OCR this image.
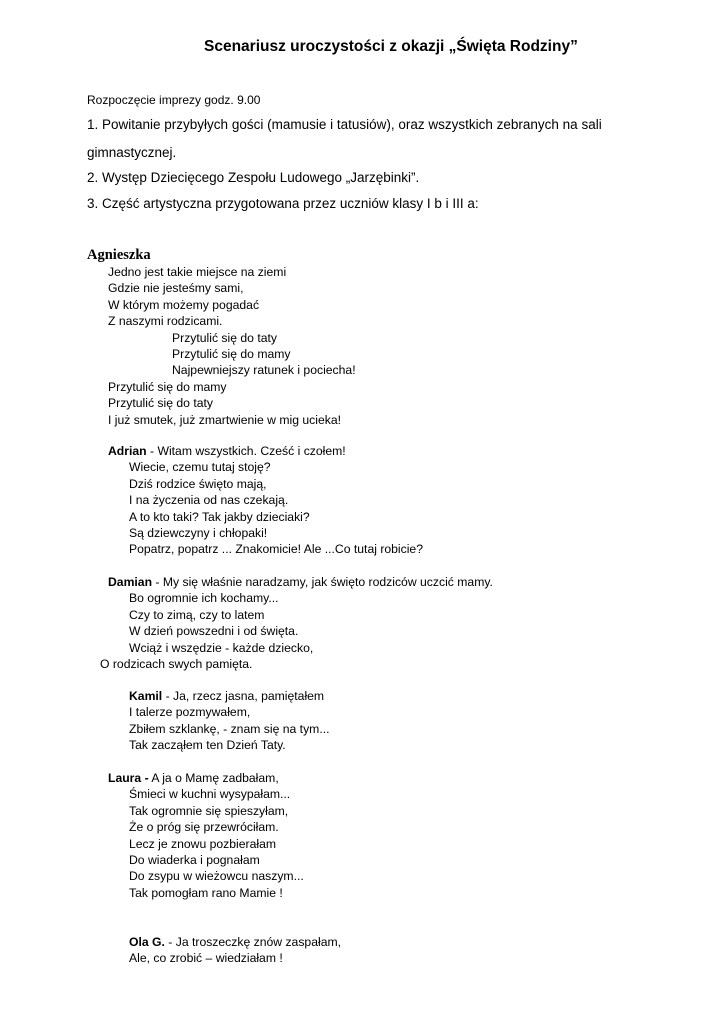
Scenariusz uroczystości z okazji „Święta Rodziny”
Rozpoczęcie imprezy godz. 9.00
1. Powitanie przybyłych gości (mamusie i tatusiów), oraz wszystkich zebranych na sali
gimnastycznej.
2. Występ Dziecięcego Zespołu Ludowego „Jarzębinki”.
3. Część artystyczna przygotowana przez uczniów klasy I b i III a:
Agnieszka
Jedno jest takie miejsce na ziemi
Gdzie nie jesteśmy sami,
W którym możemy pogadać
Z naszymi rodzicami.
Przytulić się do taty
Przytulić się do mamy
Najpewniejszy ratunek i pociecha!
Przytulić się do mamy
Przytulić się do taty
I już smutek, już zmartwienie w mig ucieka!
Adrian - Witam wszystkich. Cześć i czołem!
Wiecie, czemu tutaj stoję?
Dziś rodzice święto mają,
I na życzenia od nas czekają.
A to kto taki? Tak jakby dzieciaki?
Są dziewczyny i chłopaki!
Popatrz, popatrz ... Znakomicie! Ale ...Co tutaj robicie?
Damian - My się właśnie naradzamy, jak święto rodziców uczcić mamy.
Bo ogromnie ich kochamy...
Czy to zimą, czy to latem
W dzień powszedni i od święta.
Wciąż i wszędzie - każde dziecko,
O rodzicach swych pamięta.
Kamil - Ja, rzecz jasna, pamiętałem
I talerze pozmywałem,
Zbiłem szklankę, - znam się na tym...
Tak zacząłem ten Dzień Taty.
Laura - A ja o Mamę zadbałam,
Śmieci w kuchni wysypałam...
Tak ogromnie się spieszyłam,
Że o próg się przewróciłam.
Lecz je znowu pozbierałam
Do wiaderka i pognałam
Do zsypu w wieżowcu naszym...
Tak pomogłam rano Mamie !
Ola G. - Ja troszeczkę znów zaspałam,
Ale, co zrobić – wiedziałam !
